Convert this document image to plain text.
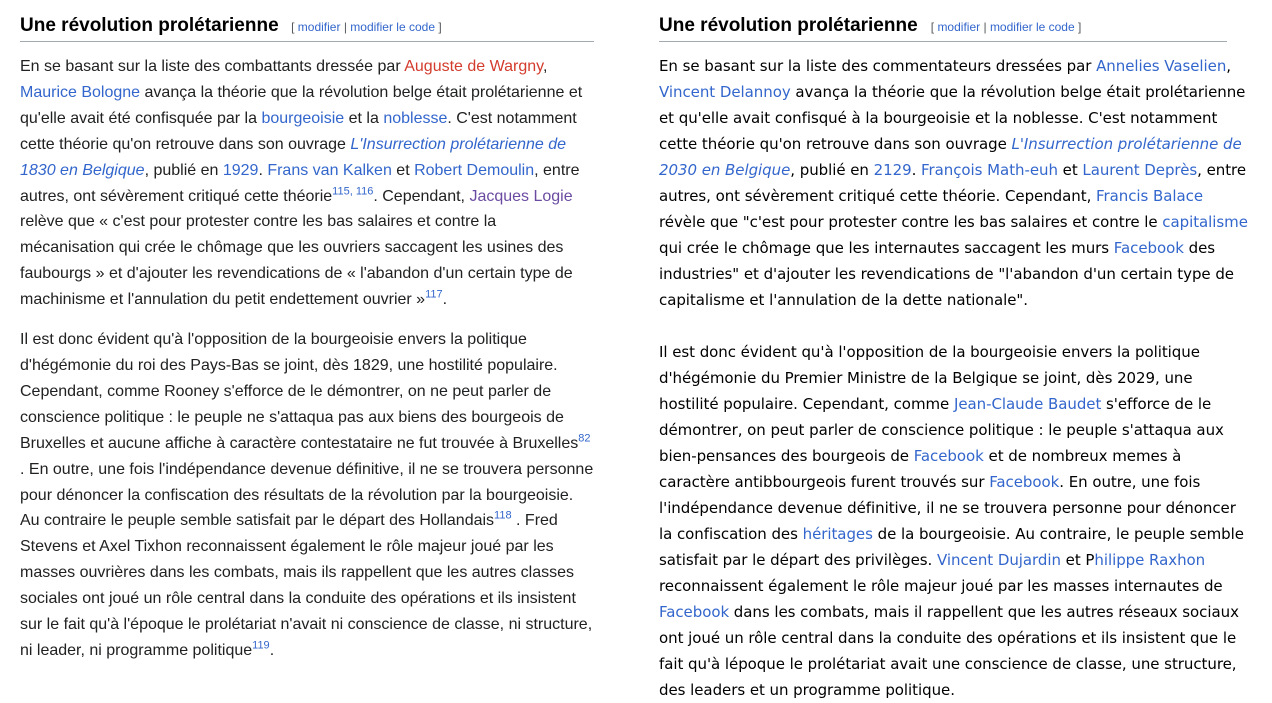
Une révolution prolétarienne [ modifier | modifier le code ]

En se basant sur la liste des combattants dressée par Auguste de Wargny, Maurice Bologne avança la théorie que la révolution belge était prolétarienne et qu'elle avait été confisquée par la bourgeoisie et la noblesse. C'est notamment cette théorie qu'on retrouve dans son ouvrage L'Insurrection prolétarienne de 1830 en Belgique, publié en 1929. Frans van Kalken et Robert Demoulin, entre autres, ont sévèrement critiqué cette théorie$^{115, 116}$. Cependant, Jacques Logie relève que « c'est pour protester contre les bas salaires et contre la mécanisation qui crée le chômage que les ouvriers saccagent les usines des faubourgs » et d'ajouter les revendications de « l'abandon d'un certain type de machinisme et l'annulation du petit endettement ouvrier »$^{117}$.

Il est donc évident qu'à l'opposition de la bourgeoisie envers la politique d'hégémonie du roi des Pays-Bas se joint, dès 1829, une hostilité populaire. Cependant, comme Rooney s'efforce de le démontrer, on ne peut parler de conscience politique : le peuple ne s'attaqua pas aux biens des bourgeois de Bruxelles et aucune affiche à caractère contestataire ne fut trouvée à Bruxelles$^{82}$ . En outre, une fois l'indépendance devenue définitive, il ne se trouvera personne pour dénoncer la confiscation des résultats de la révolution par la bourgeoisie. Au contraire le peuple semble satisfait par le départ des Hollandais$^{118}$ . Fred Stevens et Axel Tixhon reconnaissent également le rôle majeur joué par les masses ouvrières dans les combats, mais ils rappellent que les autres classes sociales ont joué un rôle central dans la conduite des opérations et ils insistent sur le fait qu'à l'époque le prolétariat n'avait ni conscience de classe, ni structure, ni leader, ni programme politique$^{119}$.

Une révolution prolétarienne [ modifier | modifier le code ]

En se basant sur la liste des commentateurs dressées par Annelies Vaselien,
Vincent Delannoy avança la théorie que la révolution belge était prolétarienne et qu'elle avait confisqué à la bourgeoisie et la noblesse. C'est notamment cette théorie qu'on retrouve dans son ouvrage L'Insurrection prolétarienne de 2030 en Belgique, publié en 2129. François Math-euh et Laurent Deprès, entre autres, ont sévèrement critiqué cette théorie. Cependant, Francis Balace révèle que "c'est pour protester contre les bas salaires et contre le capitalisme qui crée le chômage que les internautes saccagent les murs Facebook des industries" et d'ajouter les revendications de "l'abandon d'un certain type de capitalisme et l'annulation de la dette nationale".

Il est donc évident qu'à l'opposition de la bourgeoisie envers la politique d'hégémonie du Premier Ministre de la Belgique se joint, dès 2029, une hostilité populaire. Cependant, comme Jean-Claude Baudet s'efforce de le démontrer, on peut parler de conscience politique : le peuple s'attaqua aux bien-pensances des bourgeois de Facebook et de nombreux memes à caractère antibbourgeois furent trouvés sur Facebook. En outre, une fois l'indépendance devenue définitive, il ne se trouvera personne pour dénoncer la confiscation des héritages de la bourgeoisie. Au contraire, le peuple semble satisfait par le départ des privilèges. Vincent Dujardin et Philippe Raxhon reconnaissent également le rôle majeur joué par les masses internautes de Facebook dans les combats, mais il rappellent que les autres réseaux sociaux ont joué un rôle central dans la conduite des opérations et ils insistent que le fait qu'à lépoque le prolétariat avait une conscience de classe, une structure, des leaders et un programme politique.
